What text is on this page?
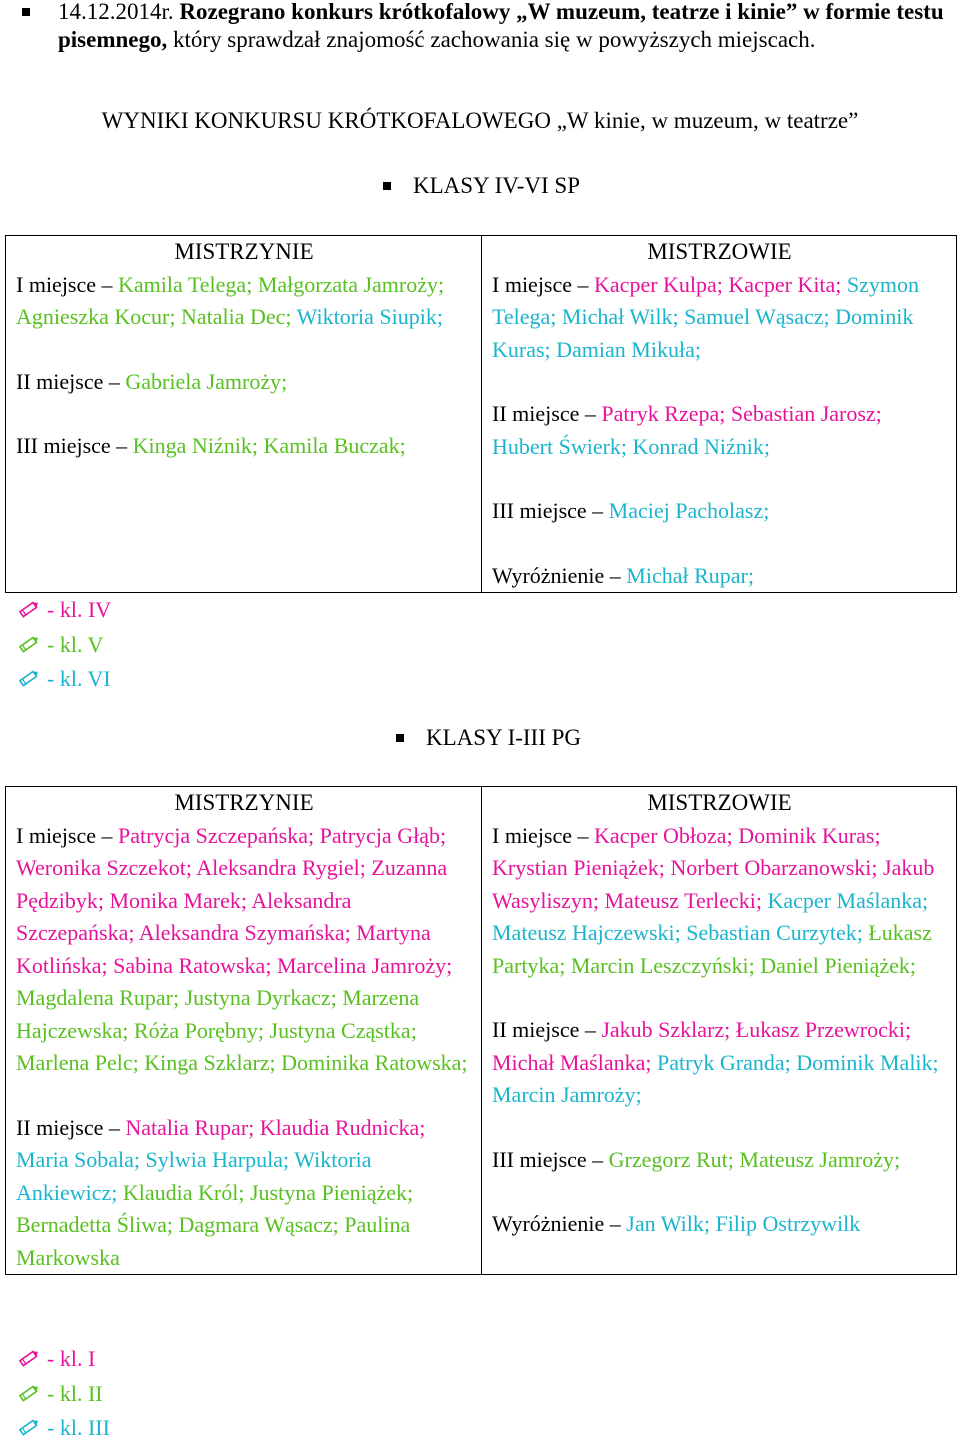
14.12.2014r. Rozegrano konkurs krótkofalowy „W muzeum, teatrze i kinie” w formie testu pisemnego, który sprawdzał znajomość zachowania się w powyższych miejscach.
WYNIKI KONKURSU KRÓTKOFALOWEGO „W kinie, w muzeum, w teatrze”
KLASY IV-VI SP
MISTRZYNIE
I miejsce – Kamila Telega; Małgorzata Jamroży; Agnieszka Kocur; Natalia Dec; Wiktoria Siupik;
II miejsce – Gabriela Jamroży;
III miejsce – Kinga Niźnik; Kamila Buczak;

MISTRZOWIE
I miejsce – Kacper Kulpa; Kacper Kita; Szymon Telega; Michał Wilk; Samuel Wąsacz; Dominik Kuras; Damian Mikuła;
II miejsce – Patryk Rzepa; Sebastian Jarosz; Hubert Świerk; Konrad Niźnik;
III miejsce – Maciej Pacholasz;
Wyróżnienie – Michał Rupar;
- kl. IV
- kl. V
- kl. VI
KLASY I-III PG
MISTRZYNIE
I miejsce – Patrycja Szczepańska; Patrycja Głąb; Weronika Szczekot; Aleksandra Rygiel; Zuzanna Pędzibyk; Monika Marek; Aleksandra Szczepańska; Aleksandra Szymańska; Martyna Kotlińska; Sabina Ratowska; Marcelina Jamroży; Magdalena Rupar; Justyna Dyrkacz; Marzena Hajczewska; Róża Porębny; Justyna Cząstka; Marlena Pelc; Kinga Szklarz; Dominika Ratowska;
II miejsce – Natalia Rupar; Klaudia Rudnicka; Maria Sobala; Sylwia Harpula; Wiktoria Ankiewicz; Klaudia Król; Justyna Pieniążek; Bernadetta Śliwa; Dagmara Wąsacz; Paulina Markowska

MISTRZOWIE
I miejsce – Kacper Obłoza; Dominik Kuras; Krystian Pieniążek; Norbert Obarzanowski; Jakub Wasyliszyn; Mateusz Terlecki; Kacper Maślanka; Mateusz Hajczewski; Sebastian Curzytek; Łukasz Partyka; Marcin Leszczyński; Daniel Pieniążek;
II miejsce – Jakub Szklarz; Łukasz Przewrocki; Michał Maślanka; Patryk Granda; Dominik Malik; Marcin Jamroży;
III miejsce – Grzegorz Rut; Mateusz Jamroży;
Wyróżnienie – Jan Wilk; Filip Ostrzywilk
- kl. I
- kl. II
- kl. III
